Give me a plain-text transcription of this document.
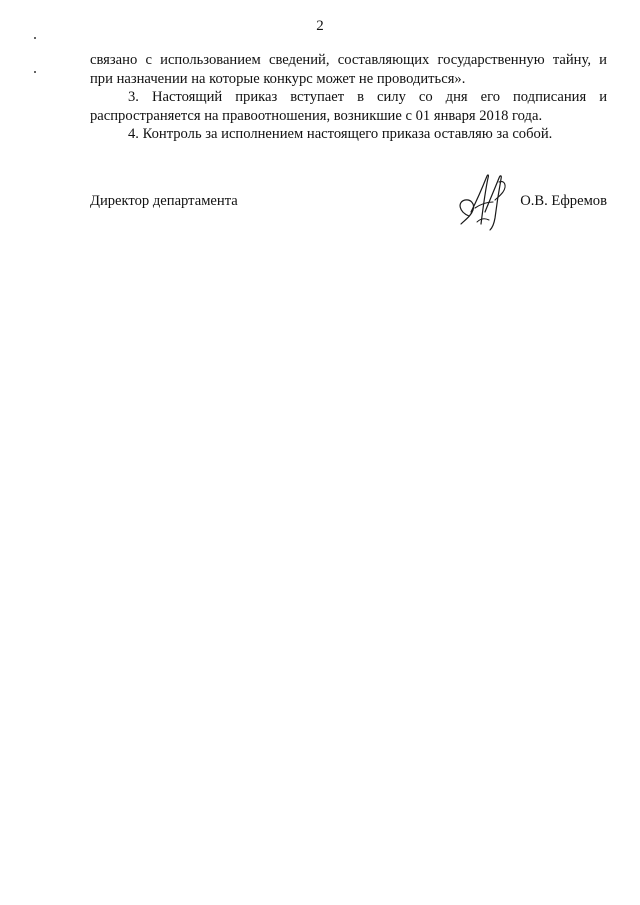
2
связано с использованием сведений, составляющих государственную тайну, и
при назначении на которые конкурс может не проводиться».
3. Настоящий приказ вступает в силу со дня его подписания и
распространяется на правоотношения, возникшие с 01 января 2018 года.
4. Контроль за исполнением настоящего приказа оставляю за собой.
Директор департамента	О.В. Ефремов
